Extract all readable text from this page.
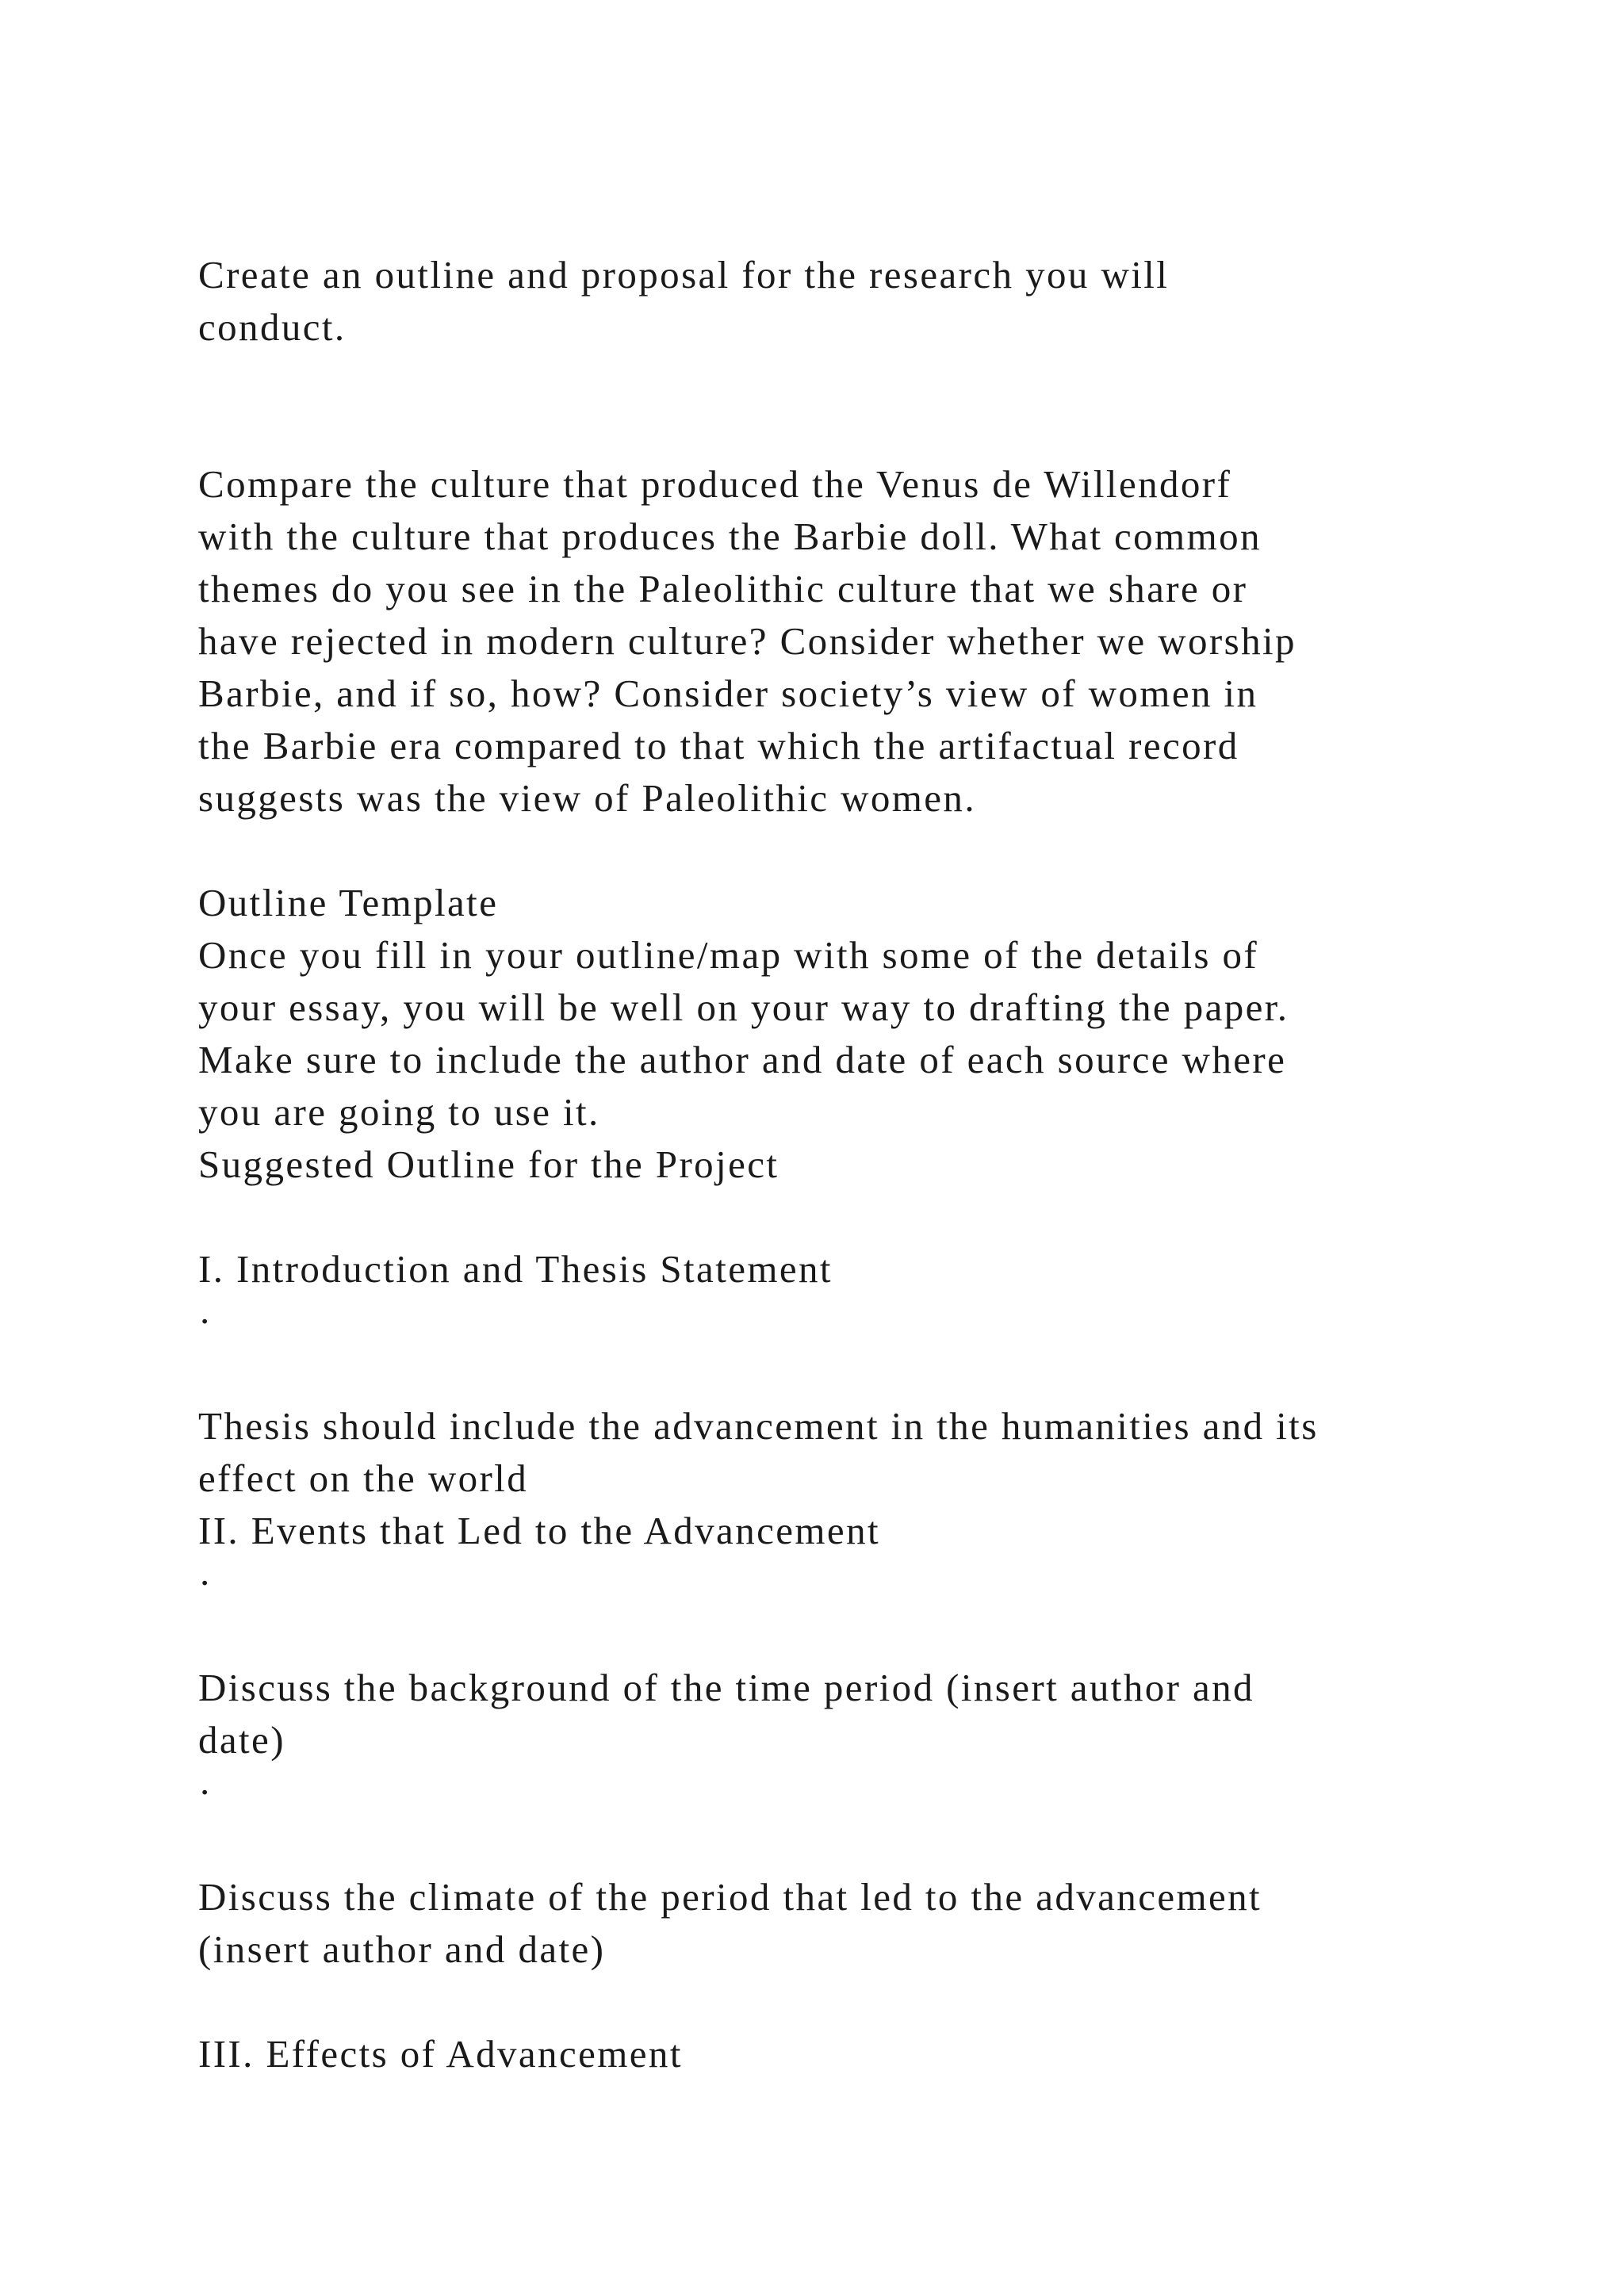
Create an outline and proposal for the research you will
conduct.
Compare the culture that produced the Venus de Willendorf
with the culture that produces the Barbie doll. What common
themes do you see in the Paleolithic culture that we share or
have rejected in modern culture? Consider whether we worship
Barbie, and if so, how? Consider society’s view of women in
the Barbie era compared to that which the artifactual record
suggests was the view of Paleolithic women.
Outline Template
Once you fill in your outline/map with some of the details of
your essay, you will be well on your way to drafting the paper.
Make sure to include the author and date of each source where
you are going to use it.
Suggested Outline for the Project
I. Introduction and Thesis Statement
·
Thesis should include the advancement in the humanities and its
effect on the world
II. Events that Led to the Advancement
·
Discuss the background of the time period (insert author and
date)
·
Discuss the climate of the period that led to the advancement
(insert author and date)
III. Effects of Advancement
